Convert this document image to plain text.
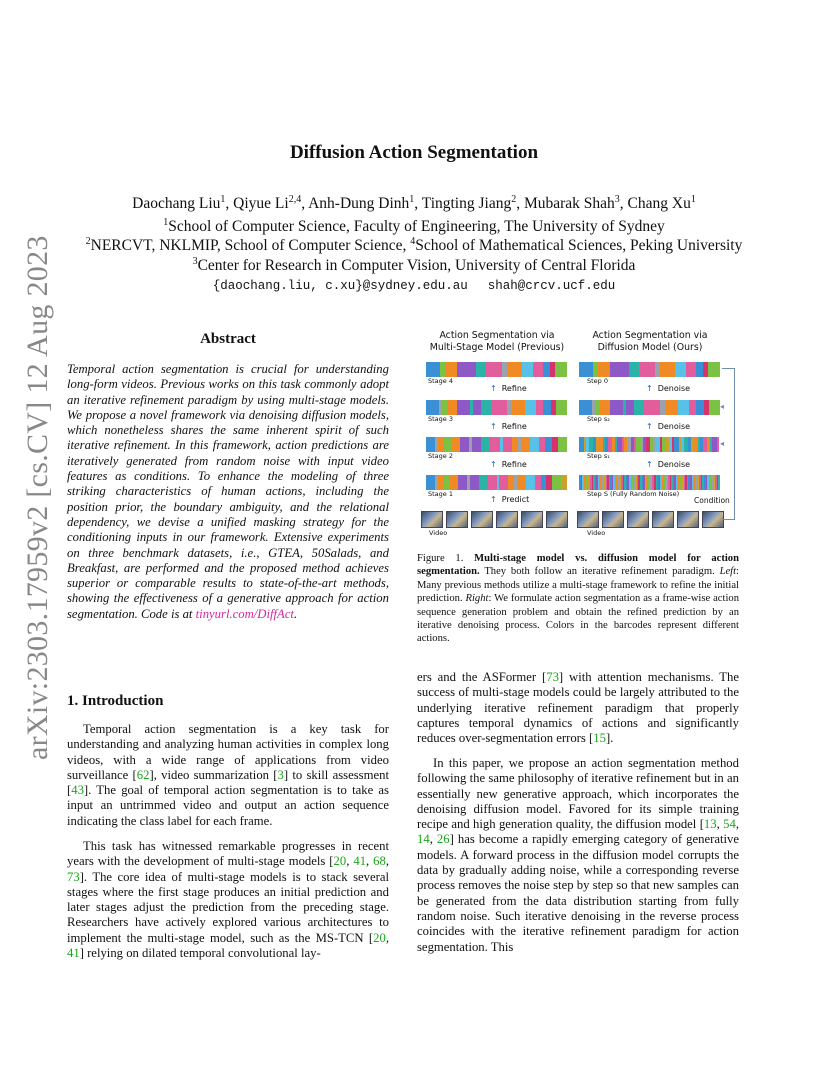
arXiv:2303.17959v2 [cs.CV] 12 Aug 2023
Diffusion Action Segmentation
Daochang Liu$^1$, Qiyue Li$^{2,4}$, Anh-Dung Dinh$^1$, Tingting Jiang$^2$, Mubarak Shah$^3$, Chang Xu$^1$
$^1$School of Computer Science, Faculty of Engineering, The University of Sydney
$^2$NERCVT, NKLMIP, School of Computer Science, $^4$School of Mathematical Sciences, Peking University
$^3$Center for Research in Computer Vision, University of Central Florida
{daochang.liu, c.xu}@sydney.edu.au shah@crcv.ucf.edu
Abstract
Temporal action segmentation is crucial for understanding long-form videos. Previous works on this task commonly adopt an iterative refinement paradigm by using multi-stage models. We propose a novel framework via denoising diffusion models, which nonetheless shares the same inherent spirit of such iterative refinement. In this framework, action predictions are iteratively generated from random noise with input video features as conditions. To enhance the modeling of three striking characteristics of human actions, including the position prior, the boundary ambiguity, and the relational dependency, we devise a unified masking strategy for the conditioning inputs in our framework. Extensive experiments on three benchmark datasets, i.e., GTEA, 50Salads, and Breakfast, are performed and the proposed method achieves superior or comparable results to state-of-the-art methods, showing the effectiveness of a generative approach for action segmentation. Code is at tinyurl.com/DiffAct.
1. Introduction
Temporal action segmentation is a key task for understanding and analyzing human activities in complex long videos, with a wide range of applications from video surveillance [62], video summarization [3] to skill assessment [43]. The goal of temporal action segmentation is to take as input an untrimmed video and output an action sequence indicating the class label for each frame.
This task has witnessed remarkable progresses in recent years with the development of multi-stage models [20, 41, 68, 73]. The core idea of multi-stage models is to stack several stages where the first stage produces an initial prediction and later stages adjust the prediction from the preceding stage. Researchers have actively explored various architectures to implement the multi-stage model, such as the MS-TCN [20, 41] relying on dilated temporal convolutional lay-
ers and the ASFormer [73] with attention mechanisms. The success of multi-stage models could be largely attributed to the underlying iterative refinement paradigm that properly captures temporal dynamics of actions and significantly reduces over-segmentation errors [15].
In this paper, we propose an action segmentation method following the same philosophy of iterative refinement but in an essentially new generative approach, which incorporates the denoising diffusion model. Favored for its simple training recipe and high generation quality, the diffusion model [13, 54, 14, 26] has become a rapidly emerging category of generative models. A forward process in the diffusion model corrupts the data by gradually adding noise, while a corresponding reverse process removes the noise step by step so that new samples can be generated from the data distribution starting from fully random noise. Such iterative denoising in the reverse process coincides with the iterative refinement paradigm for action segmentation. This
Action Segmentation via
Multi-Stage Model (Previous)
Action Segmentation via
Diffusion Model (Ours)
Stage 4
Stage 3
Stage 2
Stage 1
↑ Refine
↑ Refine
↑ Refine
↑ Predict
Step 0
Step s₂
Step s₁
Step S (Fully Random Noise)
↑ Denoise
↑ Denoise
↑ Denoise
Condition
Video	Video
◂
◂
Figure 1. Multi-stage model vs. diffusion model for action segmentation. They both follow an iterative refinement paradigm. Left: Many previous methods utilize a multi-stage framework to refine the initial prediction. Right: We formulate action segmentation as a frame-wise action sequence generation problem and obtain the refined prediction by an iterative denoising process. Colors in the barcodes represent different actions.
